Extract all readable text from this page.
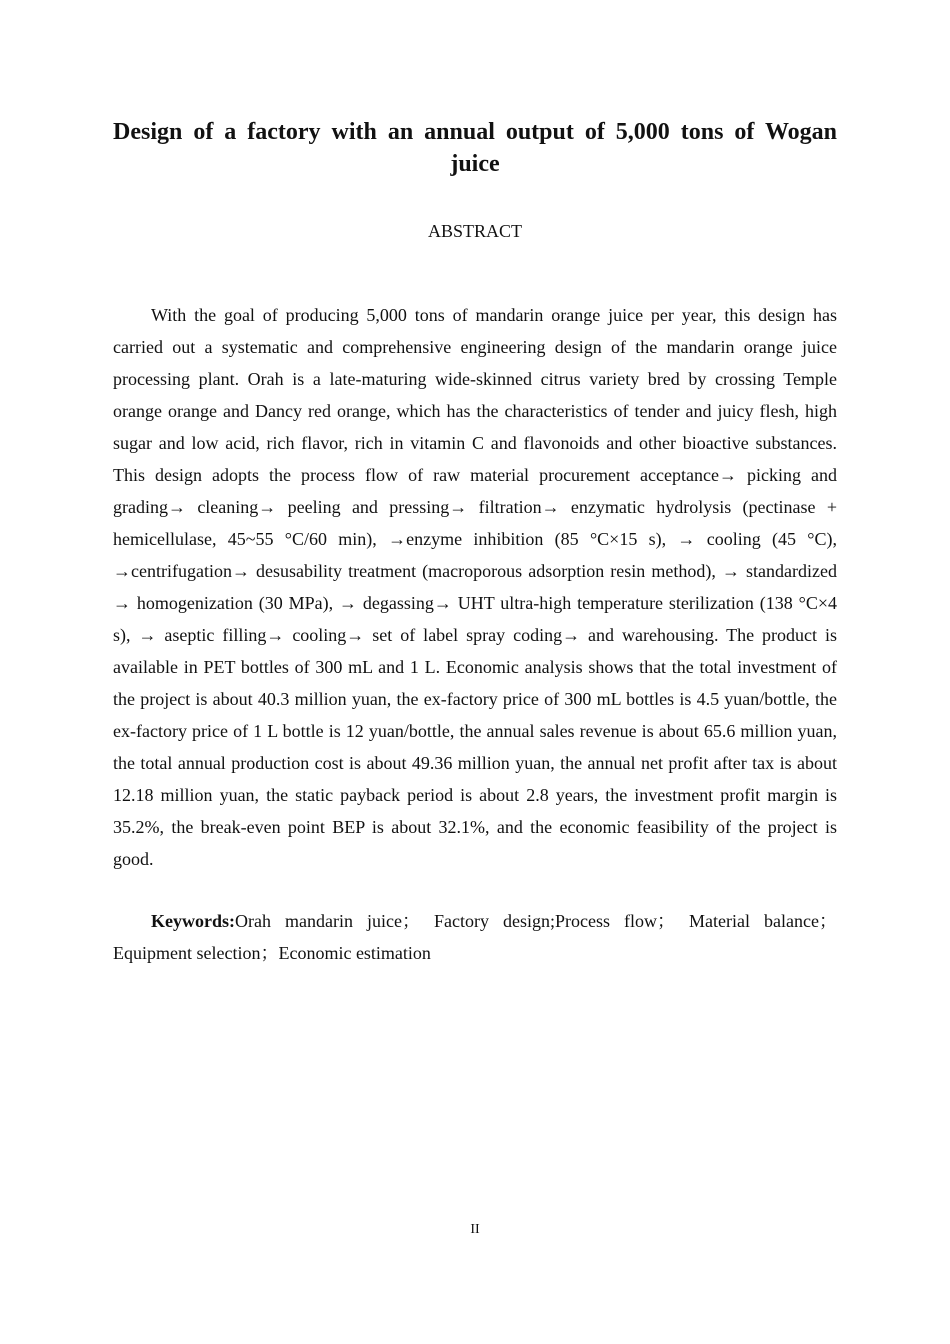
Design of a factory with an annual output of 5,000 tons of Wogan juice

ABSTRACT

With the goal of producing 5,000 tons of mandarin orange juice per year, this design has carried out a systematic and comprehensive engineering design of the mandarin orange juice processing plant. Orah is a late-maturing wide-skinned citrus variety bred by crossing Temple orange orange and Dancy red orange, which has the characteristics of tender and juicy flesh, high sugar and low acid, rich flavor, rich in vitamin C and flavonoids and other bioactive substances. This design adopts the process flow of raw material procurement acceptance→ picking and grading→ cleaning→ peeling and pressing→ filtration→ enzymatic hydrolysis (pectinase + hemicellulase, 45~55 °C/60 min), →enzyme inhibition (85 °C×15 s), → cooling (45 °C), →centrifugation→ desusability treatment (macroporous adsorption resin method), → standardized → homogenization (30 MPa), → degassing→ UHT ultra-high temperature sterilization (138 °C×4 s), → aseptic filling→ cooling→ set of label spray coding→ and warehousing. The product is available in PET bottles of 300 mL and 1 L. Economic analysis shows that the total investment of the project is about 40.3 million yuan, the ex-factory price of 300 mL bottles is 4.5 yuan/bottle, the ex-factory price of 1 L bottle is 12 yuan/bottle, the annual sales revenue is about 65.6 million yuan, the total annual production cost is about 49.36 million yuan, the annual net profit after tax is about 12.18 million yuan, the static payback period is about 2.8 years, the investment profit margin is 35.2%, the break-even point BEP is about 32.1%, and the economic feasibility of the project is good.

Keywords:Orah mandarin juice； Factory design;Process flow； Material balance；Equipment selection；Economic estimation

II
